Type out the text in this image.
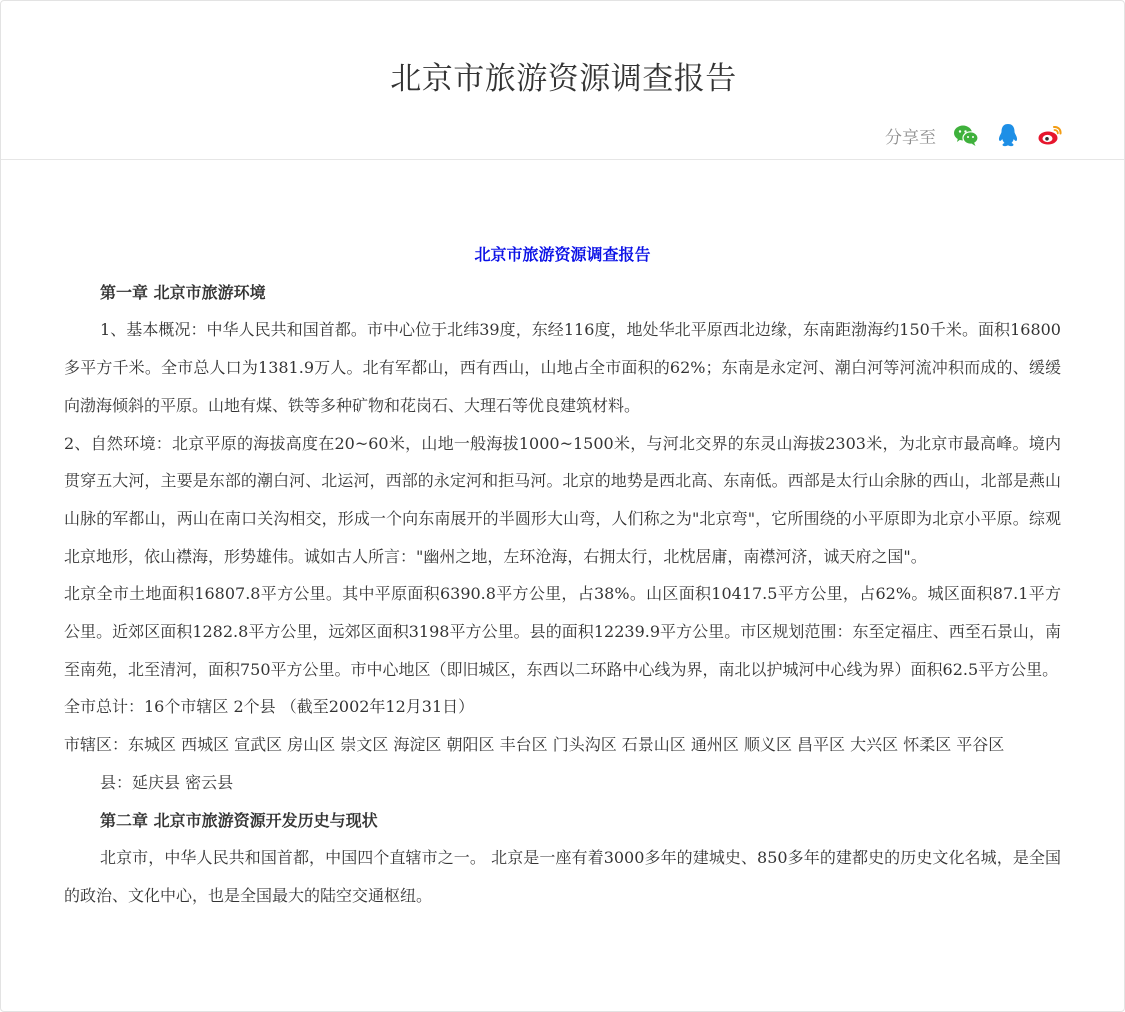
北京市旅游资源调查报告
分享至

北京市旅游资源调查报告

第一章 北京市旅游环境

1、基本概况：中华人民共和国首都。市中心位于北纬39度，东经116度，地处华北平原西北边缘，东南距渤海约150千米。面积16800多平方千米。全市总人口为1381.9万人。北有军都山，西有西山，山地占全市面积的62%；东南是永定河、潮白河等河流冲积而成的、缓缓向渤海倾斜的平原。山地有煤、铁等多种矿物和花岗石、大理石等优良建筑材料。

2、自然环境：北京平原的海拔高度在20~60米，山地一般海拔1000~1500米，与河北交界的东灵山海拔2303米，为北京市最高峰。境内贯穿五大河，主要是东部的潮白河、北运河，西部的永定河和拒马河。北京的地势是西北高、东南低。西部是太行山余脉的西山，北部是燕山山脉的军都山，两山在南口关沟相交，形成一个向东南展开的半圆形大山弯，人们称之为"北京弯"，它所围绕的小平原即为北京小平原。综观北京地形，依山襟海，形势雄伟。诚如古人所言："幽州之地，左环沧海，右拥太行，北枕居庸，南襟河济，诚天府之国"。

北京全市土地面积16807.8平方公里。其中平原面积6390.8平方公里，占38%。山区面积10417.5平方公里，占62%。城区面积87.1平方公里。近郊区面积1282.8平方公里，远郊区面积3198平方公里。县的面积12239.9平方公里。市区规划范围：东至定福庄、西至石景山，南至南苑，北至清河，面积750平方公里。市中心地区（即旧城区，东西以二环路中心线为界，南北以护城河中心线为界）面积62.5平方公里。

全市总计：16个市辖区 2个县 （截至2002年12月31日）

市辖区：东城区 西城区 宣武区 房山区 崇文区 海淀区 朝阳区 丰台区 门头沟区 石景山区 通州区 顺义区 昌平区 大兴区 怀柔区 平谷区

县：延庆县 密云县

第二章 北京市旅游资源开发历史与现状

北京市，中华人民共和国首都，中国四个直辖市之一。 北京是一座有着3000多年的建城史、850多年的建都史的历史文化名城，是全国的政治、文化中心，也是全国最大的陆空交通枢纽。
